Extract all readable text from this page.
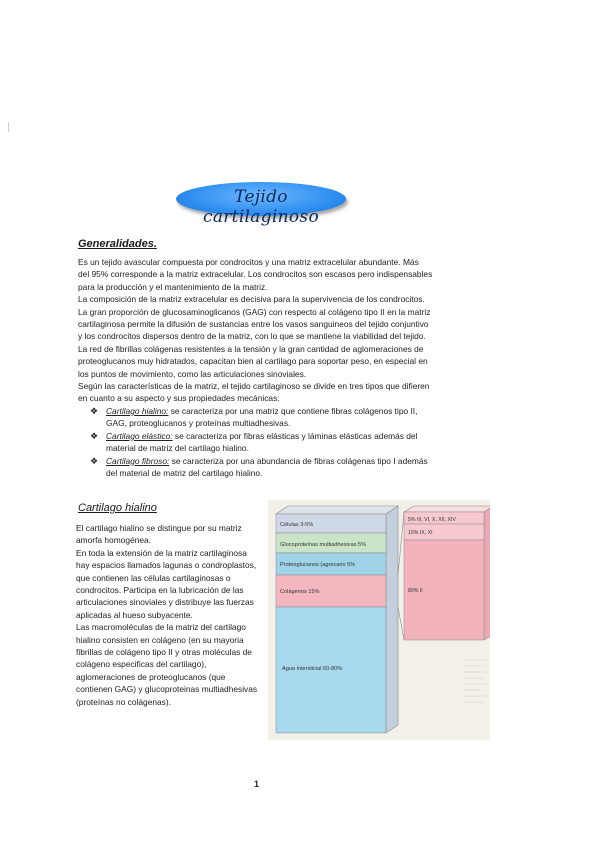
Tejido cartilaginoso
Generalidades.
Es un tejido avascular compuesta por condrocitos y una matriz extracelular abundante. Más
del 95% corresponde a la matriz extracelular. Los condrocitos son escasos pero indispensables
para la producción y el mantenimiento de la matriz.
La composición de la matriz extracelular es decisiva para la supervivencia de los condrocitos.
La gran proporción de glucosaminoglicanos (GAG) con respecto al colágeno tipo II en la matriz
cartilaginosa permite la difusión de sustancias entre los vasos sanguineos del tejido conjuntivo
y los condrocitos dispersos dentro de la matriz, con lo que se mantiene la viabilidad del tejido.
La red de fibrillas colágenas resistentes a la tensión y la gran cantidad de aglomeraciones de
proteoglucanos muy hidratados, capacitan bien al cartilago para soportar peso, en especial en
los puntos de movimiento, como las articulaciones sinoviales.
Según las características de la matriz, el tejido cartilaginoso se divide en tres tipos que difieren
en cuanto a su aspecto y sus propiedades mecánicas:
❖ Cartilago hialino: se caracteriza por una matriz que contiene fibras colágenos tipo II,
GAG, proteoglucanos y proteínas multiadhesivas.
❖ Cartilago elástico: se caracteriza por fibras elásticas y láminas elásticas además del
material de matriz del cartilago hialino.
❖ Cartilago fibroso: se caracteriza por una abundancia de fibras colágenas tipo I además
del material de matriz del cartilago hialino.
Cartilago hialino
El cartilago hialino se distingue por su matriz
amorfa homogénea.
En toda la extensión de la matriz cartilaginosa
hay espacios llamados lagunas o condroplastos,
que contienen las células cartilaginosas o
condrocitos. Participa en la lubricación de las
articulaciones sinoviales y distribuye las fuerzas
aplicadas al hueso subyacente.
Las macromoléculas de la matriz del cartilago
hialino consisten en colágeno (en su mayoria
fibrillas de colágeno tipo II y otras moléculas de
colágeno especificas del cartilago),
aglomeraciones de proteoglucanos (que
contienen GAG) y glucoproteinas multiadhesivas
(proteínas no colágenas).
Células 3-5%
Glucoproteínas multiadhesivas 5%
Proteoglucanos (agrecano 5%
Colágenos 15%
Agua intersticial 60-80%
5% III, VI, X, XII, XIV
15% IX, XI
80% II
1
